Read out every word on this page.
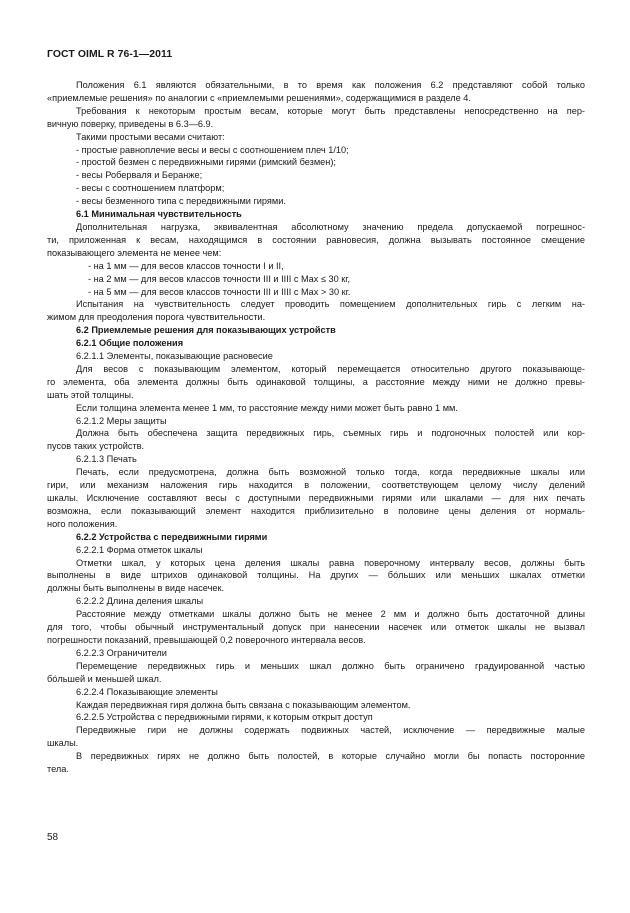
ГОСТ OIML R 76-1—2011
Положения 6.1 являются обязательными, в то время как положения 6.2 представляют собой только
«приемлемые решения» по аналогии с «приемлемыми решениями», содержащимися в разделе 4.
Требования к некоторым простым весам, которые могут быть представлены непосредственно на пер-
вичную поверку, приведены в 6.3—6.9.
Такими простыми весами считают:
- простые равноплечие весы и весы с соотношением плеч 1/10;
- простой безмен с передвижными гирями (римский безмен);
- весы Роберваля и Беранже;
- весы с соотношением платформ;
- весы безменного типа с передвижными гирями.
6.1 Минимальная чувствительность
Дополнительная нагрузка, эквивалентная абсолютному значению предела допускаемой погрешнос-
ти, приложенная к весам, находящимся в состоянии равновесия, должна вызывать постоянное смещение
показывающего элемента не менее чем:
- на 1 мм — для весов классов точности I и II,
- на 2 мм — для весов классов точности III и IIII с Max ≤ 30 кг,
- на 5 мм — для весов классов точности III и IIII с Max > 30 кг.
Испытания на чувствительность следует проводить помещением дополнительных гирь с легким на-
жимом для преодоления порога чувствительности.
6.2 Приемлемые решения для показывающих устройств
6.2.1 Общие положения
6.2.1.1 Элементы, показывающие расновесие
Для весов с показывающим элементом, который перемещается относительно другого показывающе-
го элемента, оба элемента должны быть одинаковой толщины, а расстояние между ними не должно превы-
шать этой толщины.
Если толщина элемента менее 1 мм, то расстояние между ними может быть равно 1 мм.
6.2.1.2 Меры защиты
Должна быть обеспечена защита передвижных гирь, съемных гирь и подгоночных полостей или кор-
пусов таких устройств.
6.2.1.3 Печать
Печать, если предусмотрена, должна быть возможной только тогда, когда передвижные шкалы или
гири, или механизм наложения гирь находится в положении, соответствующем целому числу делений
шкалы. Исключение составляют весы с доступными передвижными гирями или шкалами — для них печать
возможна, если показывающий элемент находится приблизительно в половине цены деления от нормаль-
ного положения.
6.2.2 Устройства с передвижными гирями
6.2.2.1 Форма отметок шкалы
Отметки шкал, у которых цена деления шкалы равна поверочному интервалу весов, должны быть
выполнены в виде штрихов одинаковой толщины. На других — бóльших или меньших шкалах отметки
должны быть выполнены в виде насечек.
6.2.2.2 Длина деления шкалы
Расстояние между отметками шкалы должно быть не менее 2 мм и должно быть достаточной длины
для того, чтобы обычный инструментальный допуск при нанесении насечек или отметок шкалы не вызвал
погрешности показаний, превышающей 0,2 поверочного интервала весов.
6.2.2.3 Ограничители
Перемещение передвижных гирь и меньших шкал должно быть ограничено градуированной частью
бóльшей и меньшей шкал.
6.2.2.4 Показывающие элементы
Каждая передвижная гиря должна быть связана с показывающим элементом.
6.2.2.5 Устройства с передвижными гирями, к которым открыт доступ
Передвижные гири не должны содержать подвижных частей, исключение — передвижные малые
шкалы.
В передвижных гирях не должно быть полостей, в которые случайно могли бы попасть посторонние
тела.
58
